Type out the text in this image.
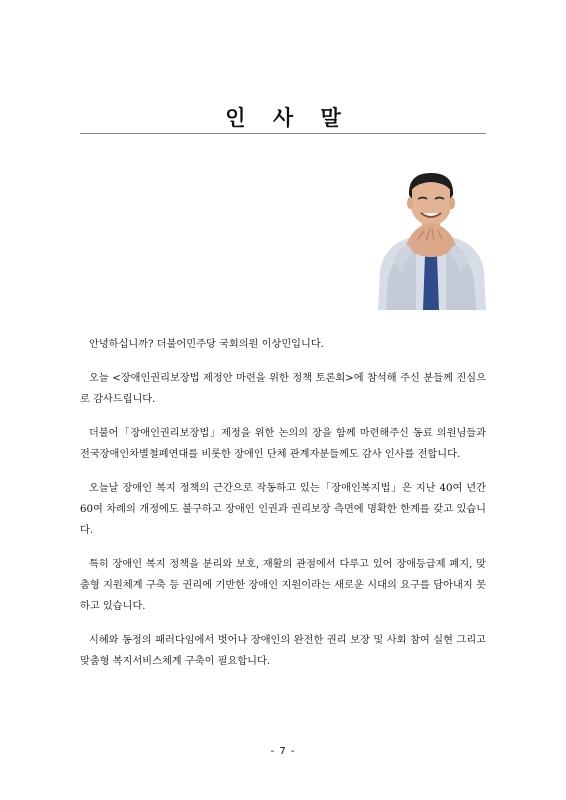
인 사 말

안녕하십니까? 더불어민주당 국회의원 이상민입니다.

오늘 <장애인권리보장법 제정안 마련을 위한 정책 토론회>에 참석해 주신 분들께 진심으로 감사드립니다.

더불어「장애인권리보장법」제정을 위한 논의의 장을 함께 마련해주신 동료 의원님들과 전국장애인차별철폐연대를 비롯한 장애인 단체 관계자분들께도 감사 인사를 전합니다.

오늘날 장애인 복지 정책의 근간으로 작동하고 있는「장애인복지법」은 지난 40여 년간 60여 차례의 개정에도 불구하고 장애인 인권과 권리보장 측면에 명확한 한계를 갖고 있습니다.

특히 장애인 복지 정책을 분리와 보호, 재활의 관점에서 다루고 있어 장애등급제 폐지, 맞춤형 지원체계 구축 등 권리에 기반한 장애인 지원이라는 새로운 시대의 요구를 담아내지 못하고 있습니다.

시혜와 동정의 패러다임에서 벗어나 장애인의 완전한 권리 보장 및 사회 참여 실현 그리고 맞춤형 복지서비스체계 구축이 필요합니다.

- 7 -
